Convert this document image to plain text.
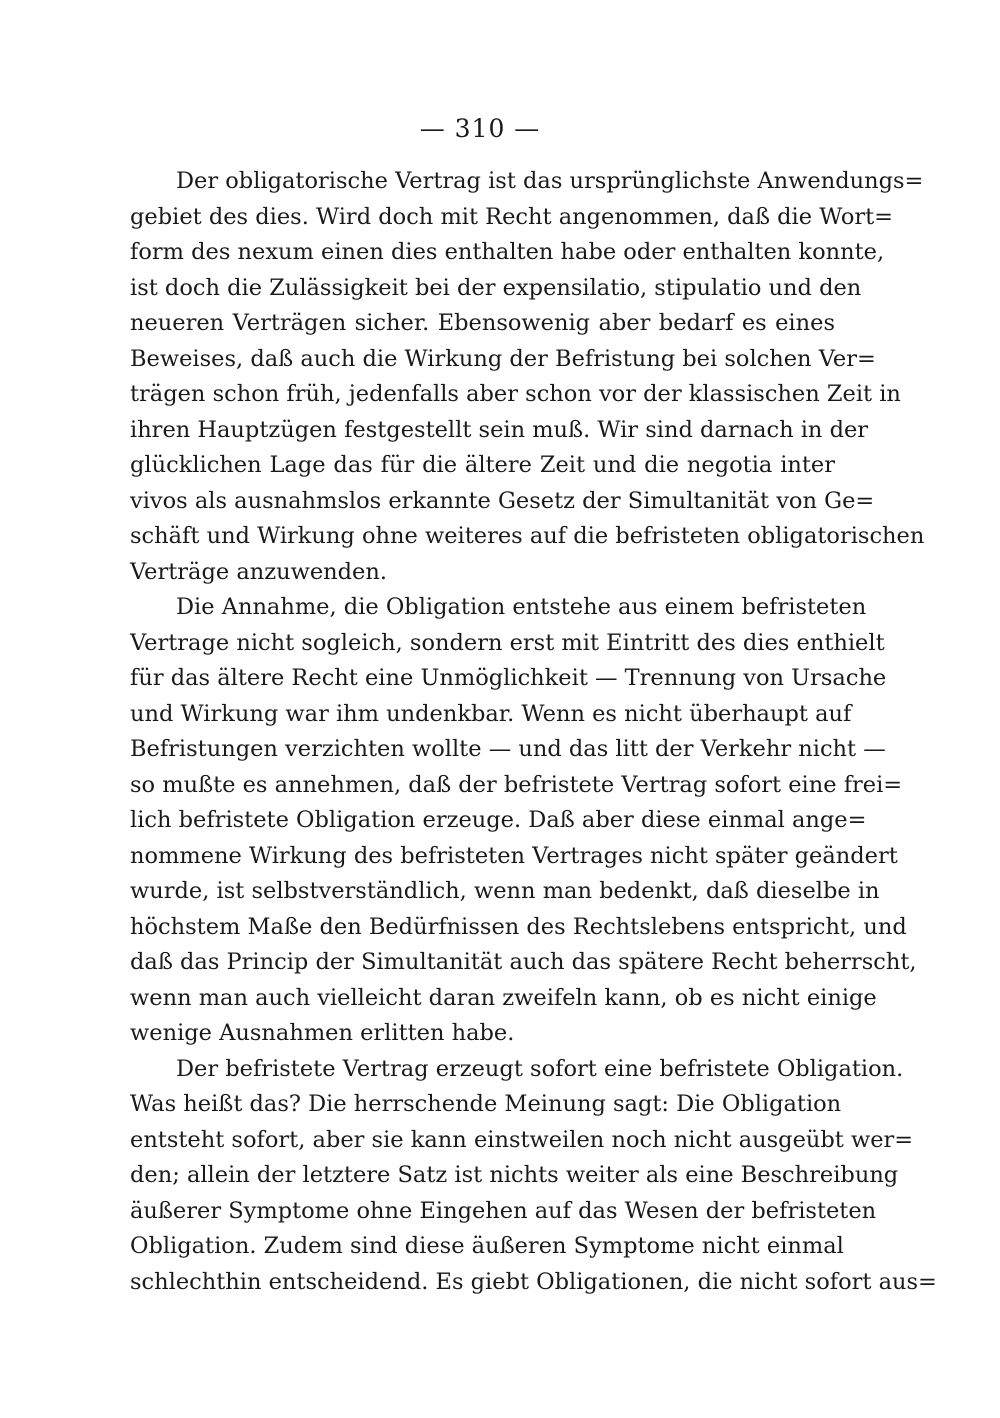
— 310 —
Der obligatorische Vertrag ist das ursprünglichste Anwendungs=
gebiet des dies. Wird doch mit Recht angenommen, daß die Wort=
form des nexum einen dies enthalten habe oder enthalten konnte,
ist doch die Zulässigkeit bei der expensilatio, stipulatio und den
neueren Verträgen sicher. Ebensowenig aber bedarf es eines
Beweises, daß auch die Wirkung der Befristung bei solchen Ver=
trägen schon früh, jedenfalls aber schon vor der klassischen Zeit in
ihren Hauptzügen festgestellt sein muß. Wir sind darnach in der
glücklichen Lage das für die ältere Zeit und die negotia inter
vivos als ausnahmslos erkannte Gesetz der Simultanität von Ge=
schäft und Wirkung ohne weiteres auf die befristeten obligatorischen
Verträge anzuwenden.
Die Annahme, die Obligation entstehe aus einem befristeten
Vertrage nicht sogleich, sondern erst mit Eintritt des dies enthielt
für das ältere Recht eine Unmöglichkeit — Trennung von Ursache
und Wirkung war ihm undenkbar. Wenn es nicht überhaupt auf
Befristungen verzichten wollte — und das litt der Verkehr nicht —
so mußte es annehmen, daß der befristete Vertrag sofort eine frei=
lich befristete Obligation erzeuge. Daß aber diese einmal ange=
nommene Wirkung des befristeten Vertrages nicht später geändert
wurde, ist selbstverständlich, wenn man bedenkt, daß dieselbe in
höchstem Maße den Bedürfnissen des Rechtslebens entspricht, und
daß das Princip der Simultanität auch das spätere Recht beherrscht,
wenn man auch vielleicht daran zweifeln kann, ob es nicht einige
wenige Ausnahmen erlitten habe.
Der befristete Vertrag erzeugt sofort eine befristete Obligation.
Was heißt das? Die herrschende Meinung sagt: Die Obligation
entsteht sofort, aber sie kann einstweilen noch nicht ausgeübt wer=
den; allein der letztere Satz ist nichts weiter als eine Beschreibung
äußerer Symptome ohne Eingehen auf das Wesen der befristeten
Obligation. Zudem sind diese äußeren Symptome nicht einmal
schlechthin entscheidend. Es giebt Obligationen, die nicht sofort aus=
